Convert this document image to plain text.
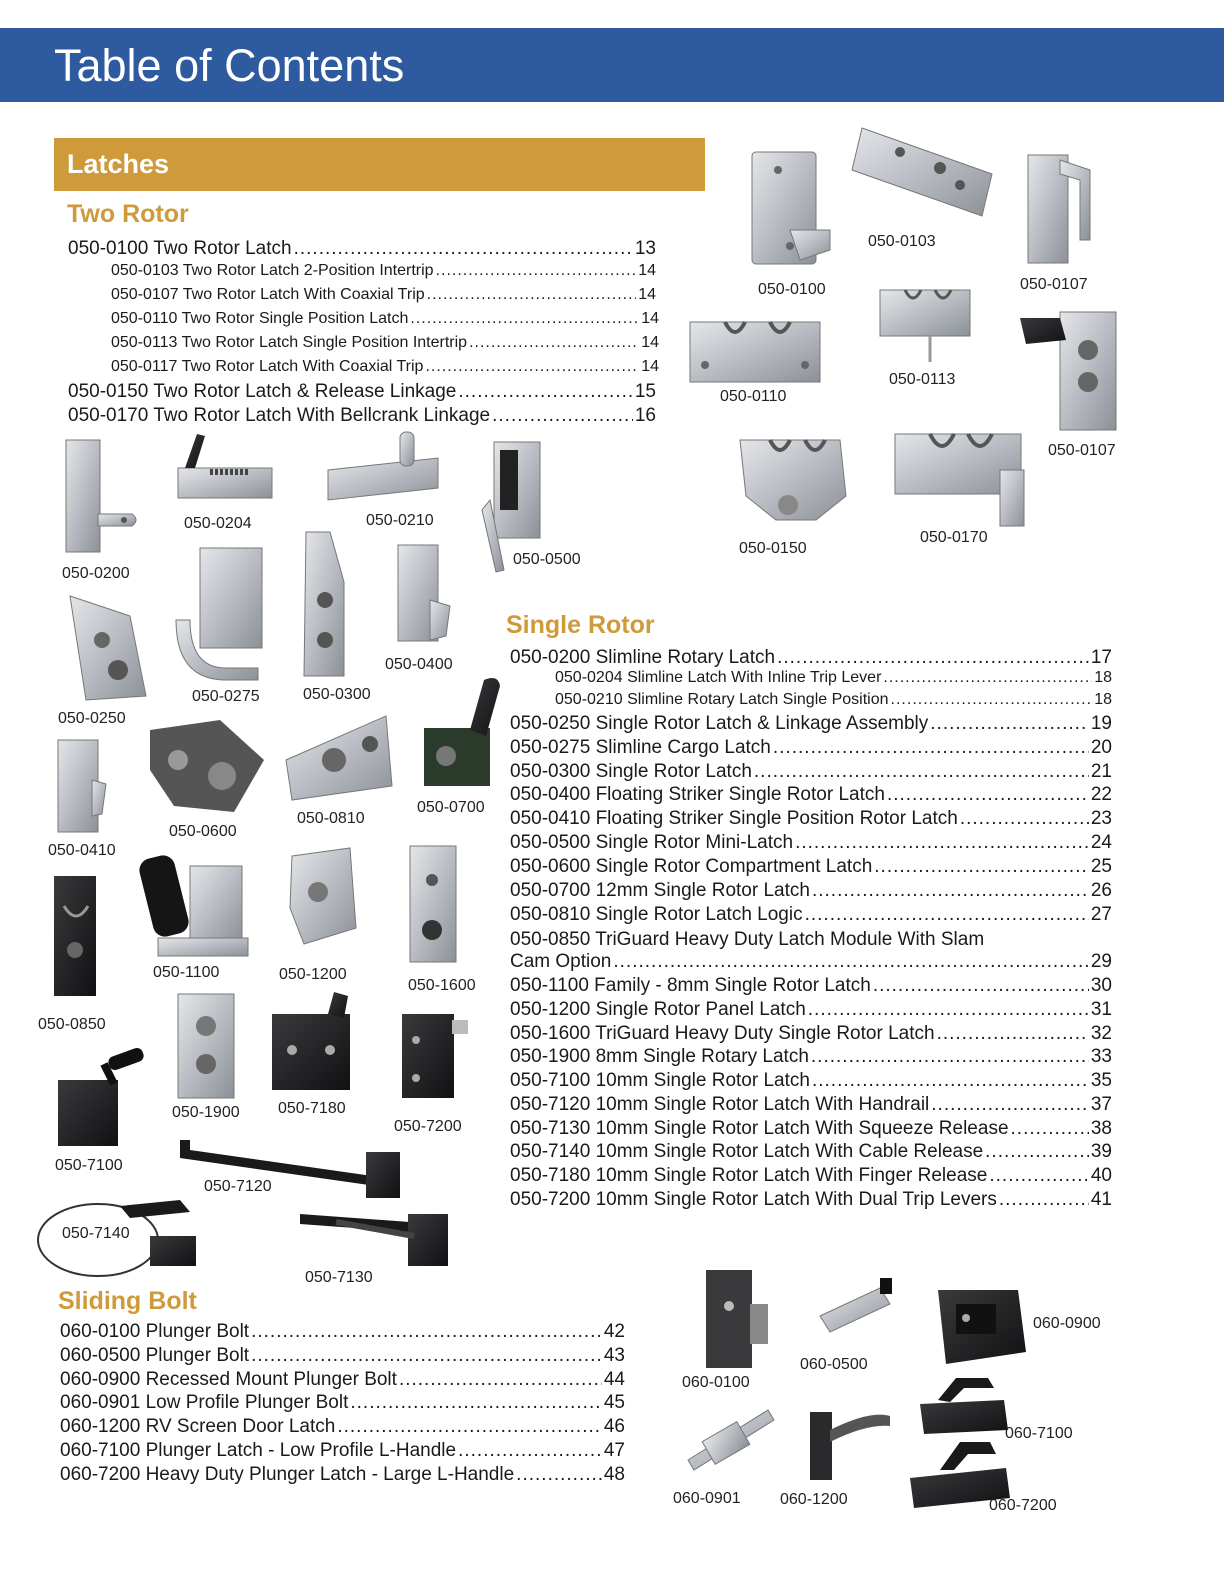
Table of Contents
Latches
Two Rotor
050-0100 Two Rotor Latch .....	13
050-0103 Two Rotor Latch 2-Position Intertrip .....	14
050-0107 Two Rotor Latch With Coaxial Trip .....	14
050-0110 Two Rotor Single Position Latch .....	14
050-0113 Two Rotor Latch Single Position Intertrip .....	14
050-0117 Two Rotor Latch With Coaxial Trip .....	14
050-0150 Two Rotor Latch & Release Linkage .....	15
050-0170 Two Rotor Latch With Bellcrank Linkage .....	16
Single Rotor
050-0200 Slimline Rotary Latch .....	17
050-0204 Slimline Latch With Inline Trip Lever .....	18
050-0210 Slimline Rotary Latch Single Position .....	18
050-0250 Single Rotor Latch & Linkage Assembly .....	19
050-0275 Slimline Cargo Latch .....	20
050-0300 Single Rotor Latch .....	21
050-0400 Floating Striker Single Rotor Latch .....	22
050-0410 Floating Striker Single Position Rotor Latch .....	23
050-0500 Single Rotor Mini-Latch .....	24
050-0600 Single Rotor Compartment Latch .....	25
050-0700 12mm Single Rotor Latch .....	26
050-0810 Single Rotor Latch Logic .....	27
050-0850 TriGuard Heavy Duty Latch Module With Slam
Cam Option .....	29
050-1100 Family - 8mm Single Rotor Latch .....	30
050-1200 Single Rotor Panel Latch .....	31
050-1600 TriGuard Heavy Duty Single Rotor Latch .....	32
050-1900 8mm Single Rotary Latch .....	33
050-7100 10mm Single Rotor Latch .....	35
050-7120 10mm Single Rotor Latch With Handrail .....	37
050-7130 10mm Single Rotor Latch With Squeeze Release .....	38
050-7140 10mm Single Rotor Latch With Cable Release .....	39
050-7180 10mm Single Rotor Latch With Finger Release .....	40
050-7200 10mm Single Rotor Latch With Dual Trip Levers .....	41
Sliding Bolt
060-0100 Plunger Bolt .....	42
060-0500 Plunger Bolt .....	43
060-0900 Recessed Mount Plunger Bolt .....	44
060-0901 Low Profile Plunger Bolt .....	45
060-1200 RV Screen Door Latch .....	46
060-7100 Plunger Latch - Low Profile L-Handle .....	47
060-7200 Heavy Duty Plunger Latch - Large L-Handle .....	48
050-0100
050-0103
050-0107
050-0110
050-0113
050-0107
050-0150
050-0170
050-0200
050-0204	050-0210
050-0500
050-0250
050-0275	050-0300
050-0400
050-0410
050-0600
050-0810
050-0700
050-0850
050-1100	050-1200
050-1600
050-1900 050-7180
050-7200
050-7100
050-7120
050-7140
050-7130
060-0100
060-0500
060-0900
060-0901 060-1200
060-7100
060-7200
